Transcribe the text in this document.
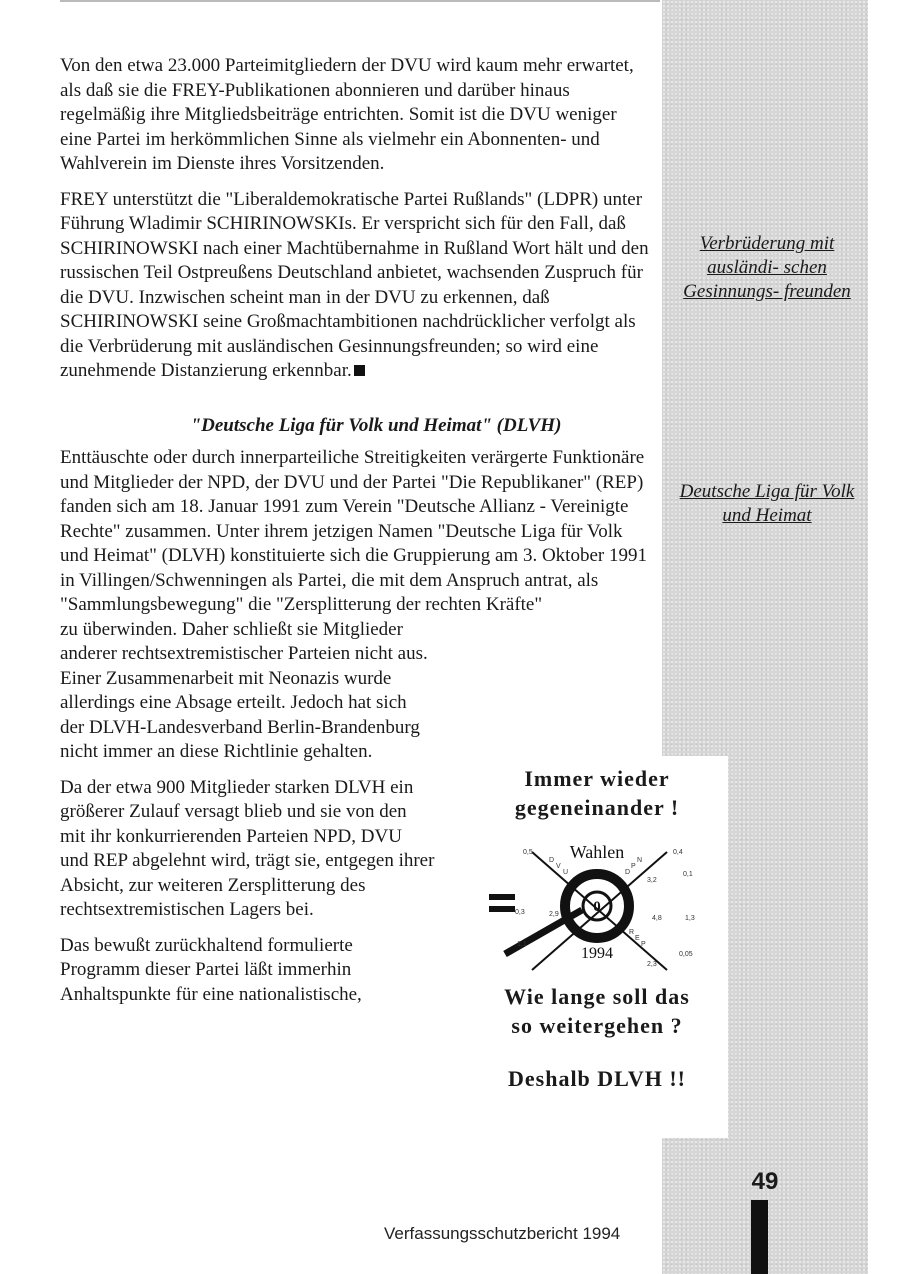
Von den etwa 23.000 Parteimitgliedern der DVU wird kaum mehr erwartet, als daß sie die FREY-Publikationen abonnieren und darüber hinaus regelmäßig ihre Mitgliedsbeiträge entrichten. Somit ist die DVU weniger eine Partei im herkömmlichen Sinne als vielmehr ein Abonnenten- und Wahlverein im Dienste ihres Vorsitzenden.

FREY unterstützt die "Liberaldemokratische Partei Rußlands" (LDPR) unter Führung Wladimir SCHIRINOWSKIs. Er verspricht sich für den Fall, daß SCHIRINOWSKI nach einer Machtübernahme in Rußland Wort hält und den russischen Teil Ostpreußens Deutschland anbietet, wachsenden Zuspruch für die DVU. Inzwischen scheint man in der DVU zu erkennen, daß SCHIRINOWSKI seine Großmachtambitionen nachdrücklicher verfolgt als die Verbrüderung mit ausländischen Gesinnungsfreunden; so wird eine zunehmende Distanzierung erkennbar.

"Deutsche Liga für Volk und Heimat" (DLVH)

Enttäuschte oder durch innerparteiliche Streitigkeiten verärgerte Funktionäre und Mitglieder der NPD, der DVU und der Partei "Die Republikaner" (REP) fanden sich am 18. Januar 1991 zum Verein "Deutsche Allianz - Vereinigte Rechte" zusammen. Unter ihrem jetzigen Namen "Deutsche Liga für Volk und Heimat" (DLVH) konstituierte sich die Gruppierung am 3. Oktober 1991 in Villingen/Schwenningen als Partei, die mit dem Anspruch antrat, als "Sammlungsbewegung" die "Zersplitterung der rechten Kräfte"

zu überwinden. Daher schließt sie Mitglieder anderer rechtsextremistischer Parteien nicht aus. Einer Zusammenarbeit mit Neonazis wurde allerdings eine Absage erteilt. Jedoch hat sich der DLVH-Landesverband Berlin-Brandenburg nicht immer an diese Richtlinie gehalten.

Da der etwa 900 Mitglieder starken DLVH ein größerer Zulauf versagt blieb und sie von den mit ihr konkurrierenden Parteien NPD, DVU und REP abgelehnt wird, trägt sie, entgegen ihrer Absicht, zur weiteren Zersplitterung des rechtsextremistischen Lagers bei.

Das bewußt zurückhaltend formulierte Programm dieser Partei läßt immerhin Anhaltspunkte für eine nationalistische,

Verbrüderung mit ausländi- schen Gesinnungs- freunden
Deutsche Liga für Volk und Heimat
Immer wieder
gegeneinander !
Wahlen
0
1994
D
V
U
N
P
D
R
E
P
0,5	0,4
0,1
3,2
1,3
0,05
2,3
4,8
2,9
0,3
1,1
Wie lange soll das
so weitergehen ?
Deshalb DLVH !!
49
Verfassungsschutzbericht 1994
